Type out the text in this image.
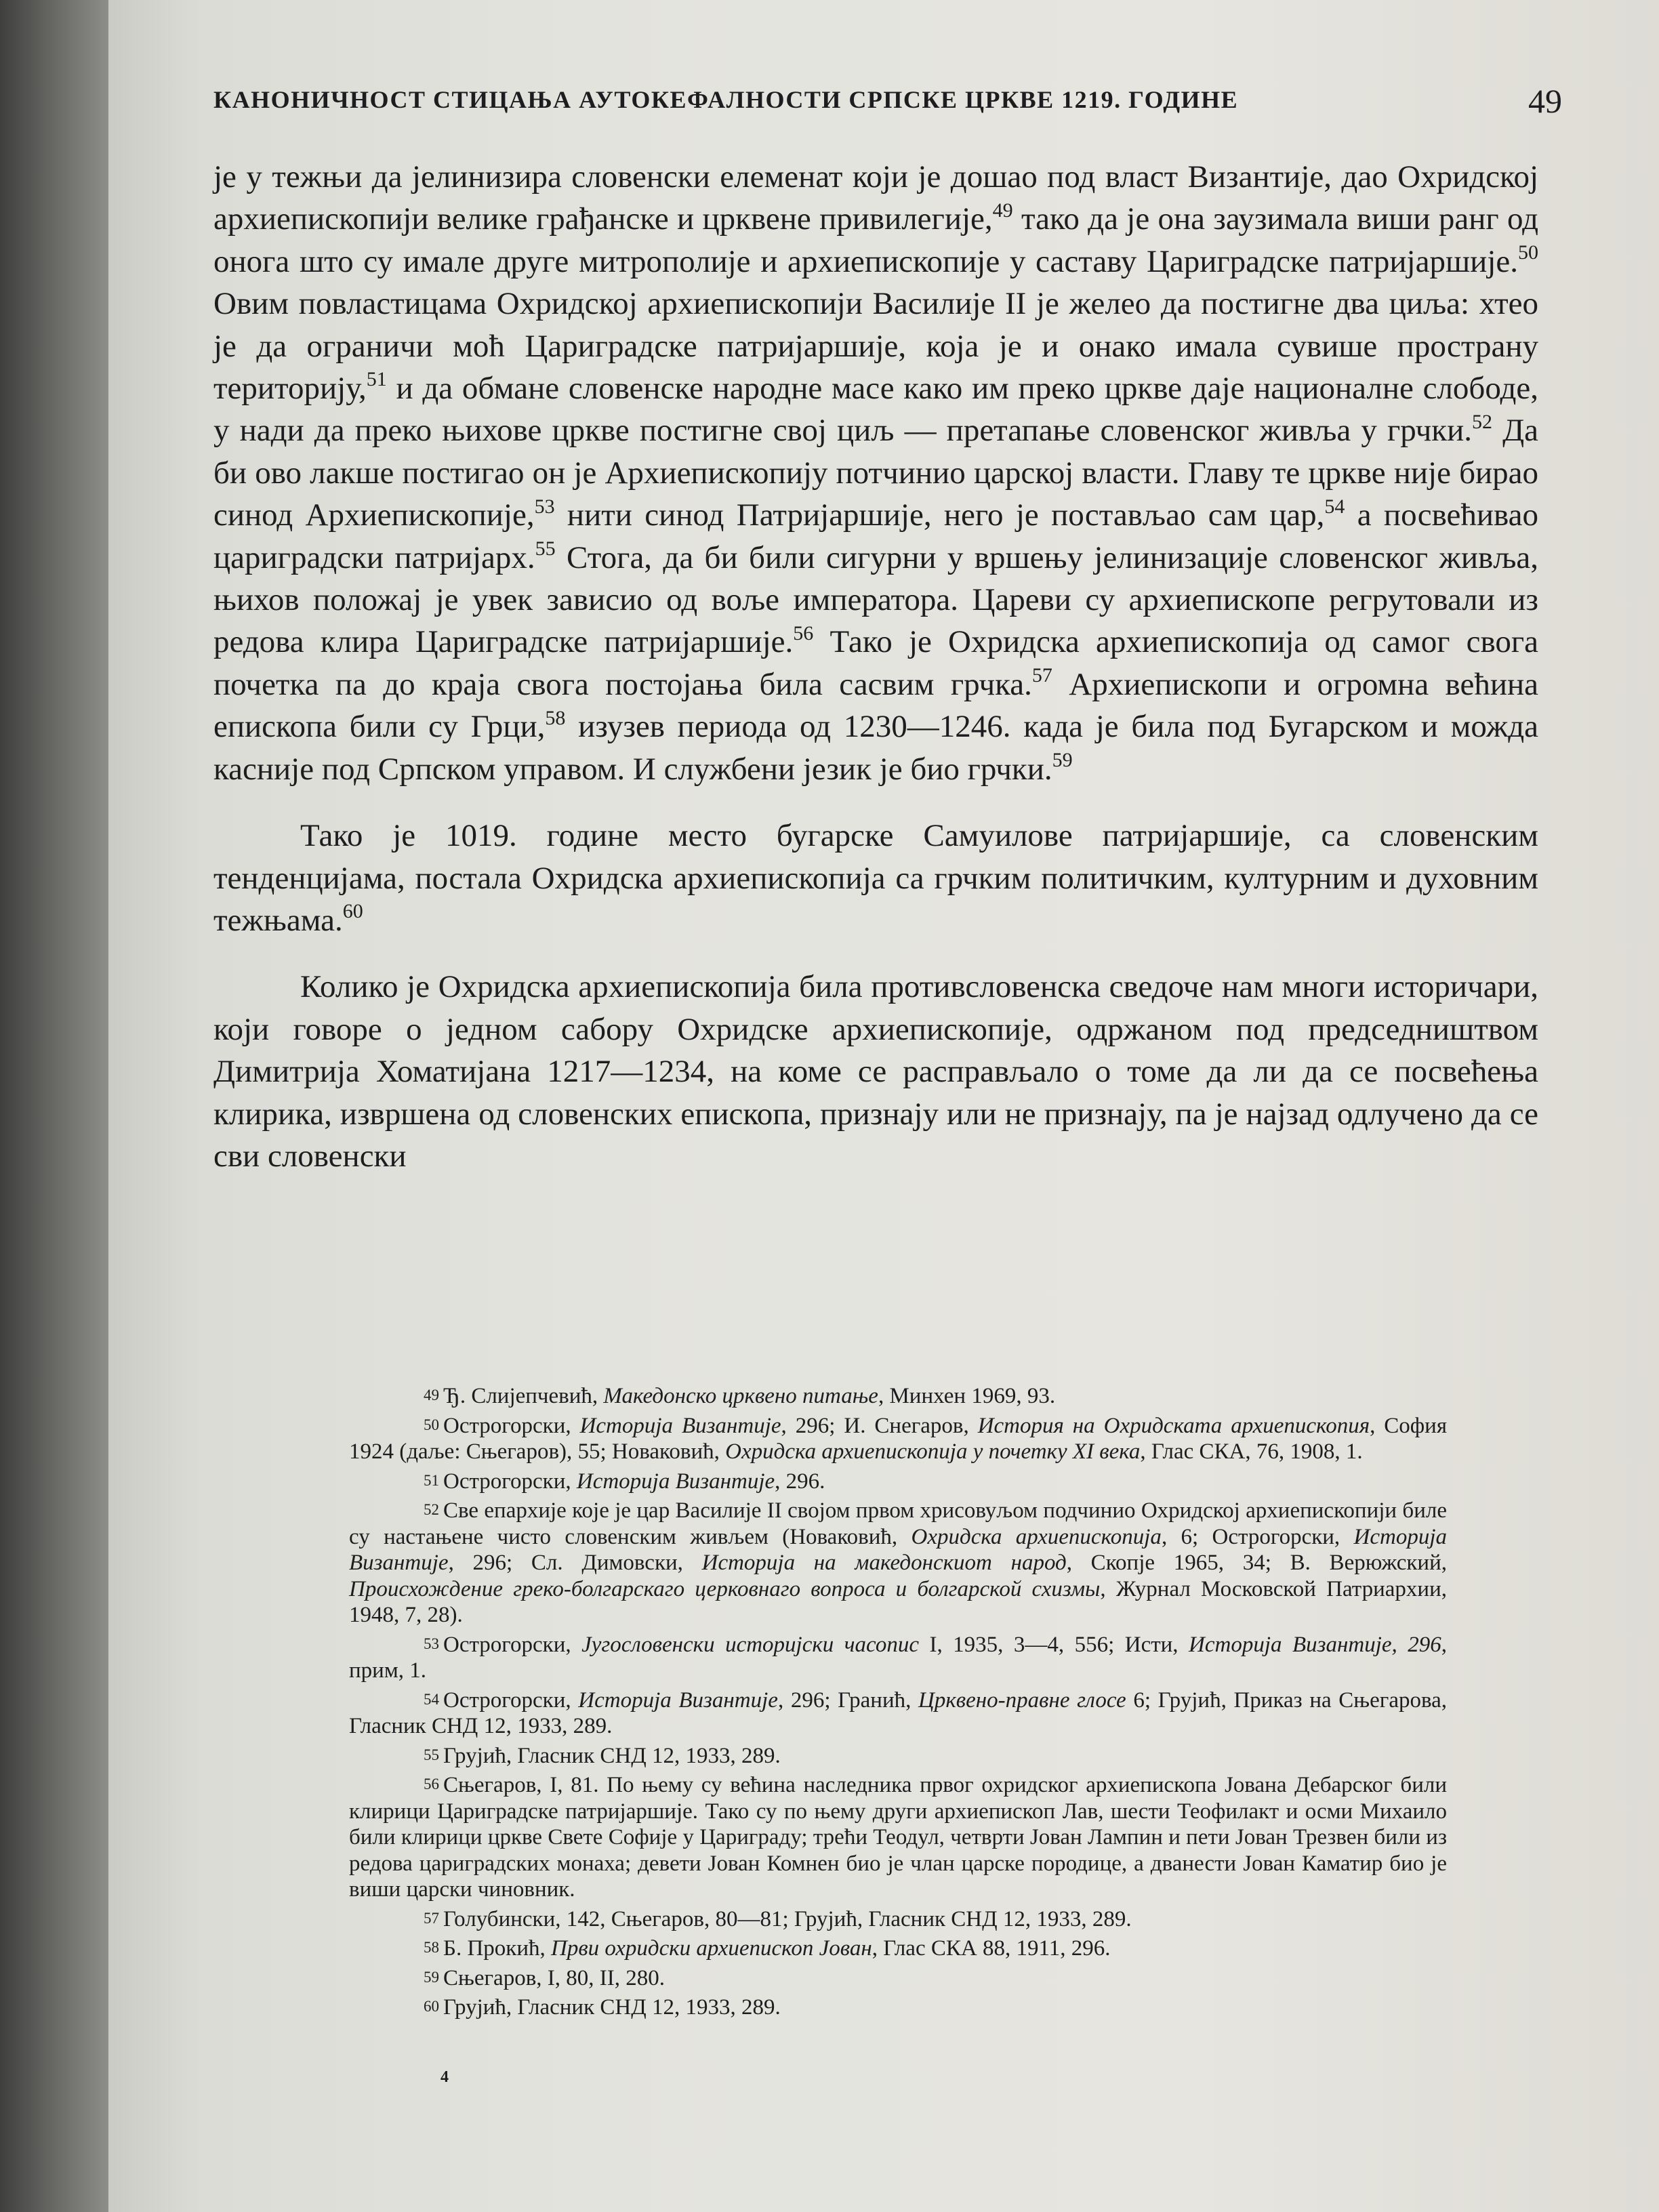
КАНОНИЧНОСТ СТИЦАЊА АУТОКЕФАЛНОСТИ СРПСКЕ ЦРКВЕ 1219. ГОДИНЕ	49

је у тежњи да јелинизира словенски елеменат који је дошао под власт Византије, дао Охридској архиепископији велике грађанске и црквене привилегије,$^{49}$ тако да је она заузимала виши ранг од онога што су имале друге митрополије и архиепископије у саставу Цариградске патријаршије.$^{50}$ Овим повластицама Охридској архиепископији Василије II је желео да постигне два циља: хтео је да ограничи моћ Цариградске патријаршије, која је и онако имала сувише пространу територију,$^{51}$ и да обмане словенске народне масе како им преко цркве даје националне слободе, у нади да преко њихове цркве постигне свој циљ — претапање словенског живља у грчки.$^{52}$ Да би ово лакше постигао он је Архиепископију потчинио царској власти. Главу те цркве није бирао синод Архиепископије,$^{53}$ нити синод Патријаршије, него је постављао сам цар,$^{54}$ а посвећивао цариградски патријарх.$^{55}$ Стога, да би били сигурни у вршењу јелинизације словенског живља, њихов положај је увек зависио од воље императора. Цареви су архиепископе регрутовали из редова клира Цариградске патријаршије.$^{56}$ Тако је Охридска архиепископија од самог свога почетка па до краја свога постојања била сасвим грчка.$^{57}$ Архиепископи и огромна већина епископа били су Грци,$^{58}$ изузев периода од 1230—1246. када је била под Бугарском и можда касније под Српском управом. И службени језик је био грчки.$^{59}$

Тако је 1019. године место бугарске Самуилове патријаршије, са словенским тенденцијама, постала Охридска архиепископија са грчким политичким, културним и духовним тежњама.$^{60}$

Колико је Охридска архиепископија била противсловенска сведоче нам многи историчари, који говоре о једном сабору Охридске архиепископије, одржаном под председништвом Димитрија Хоматијана 1217—1234, на коме се расправљало о томе да ли да се посвећења клирика, извршена од словенских епископа, признају или не признају, па је најзад одлучено да се сви словенски

49 Ђ. Слијепчевић, Македонско црквено питање, Минхен 1969, 93.

50 Острогорски, Историја Византије, 296; И. Снегаров, История на Охридската архиепископия, София 1924 (даље: Сњегаров), 55; Новаковић, Охридска архиепископија у почетку XI века, Глас СКА, 76, 1908, 1.

51 Острогорски, Историја Византије, 296.

52 Све епархије које је цар Василије II својом првом хрисовуљом подчинио Охридској архиепископији биле су настањене чисто словенским живљем (Новаковић, Охридска архиепископија, 6; Острогорски, Историја Византије, 296; Сл. Димовски, Историја на македонскиот народ, Скопје 1965, 34; В. Верюжский, Происхождение греко-болгарскаго церковнаго вопроса и болгарской схизмы, Журнал Московской Патриархии, 1948, 7, 28).

53 Острогорски, Југословенски историјски часопис I, 1935, 3—4, 556; Исти, Историја Византије, 296, прим, 1.

54 Острогорски, Историја Византије, 296; Гранић, Црквено-правне глосе 6; Грујић, Приказ на Сњегарова, Гласник СНД 12, 1933, 289.

55 Грујић, Гласник СНД 12, 1933, 289.

56 Сњегаров, I, 81. По њему су већина наследника првог охридског архиепископа Јована Дебарског били клирици Цариградске патријаршије. Тако су по њему други архиепископ Лав, шести Теофилакт и осми Михаило били клирици цркве Свете Софије у Цариграду; трећи Теодул, четврти Јован Лампин и пети Јован Трезвен били из редова цариградских монаха; девети Јован Комнен био је члан царске породице, а дванести Јован Каматир био је виши царски чиновник.

57 Голубински, 142, Сњегаров, 80—81; Грујић, Гласник СНД 12, 1933, 289.

58 Б. Прокић, Први охридски архиепископ Јован, Глас СКА 88, 1911, 296.

59 Сњегаров, I, 80, II, 280.

60 Грујић, Гласник СНД 12, 1933, 289.

4
